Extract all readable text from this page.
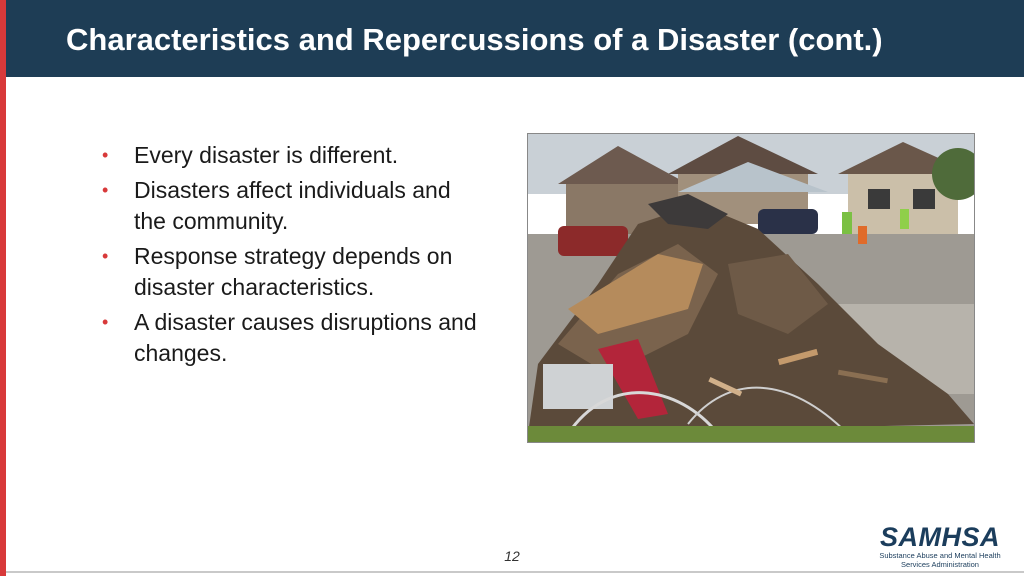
Characteristics and Repercussions of a Disaster (cont.)
• Every disaster is different.
• Disasters affect individuals and the community.
• Response strategy depends on disaster characteristics.
• A disaster causes disruptions and changes.
12
SAMHSA
Substance Abuse and Mental Health
Services Administration
